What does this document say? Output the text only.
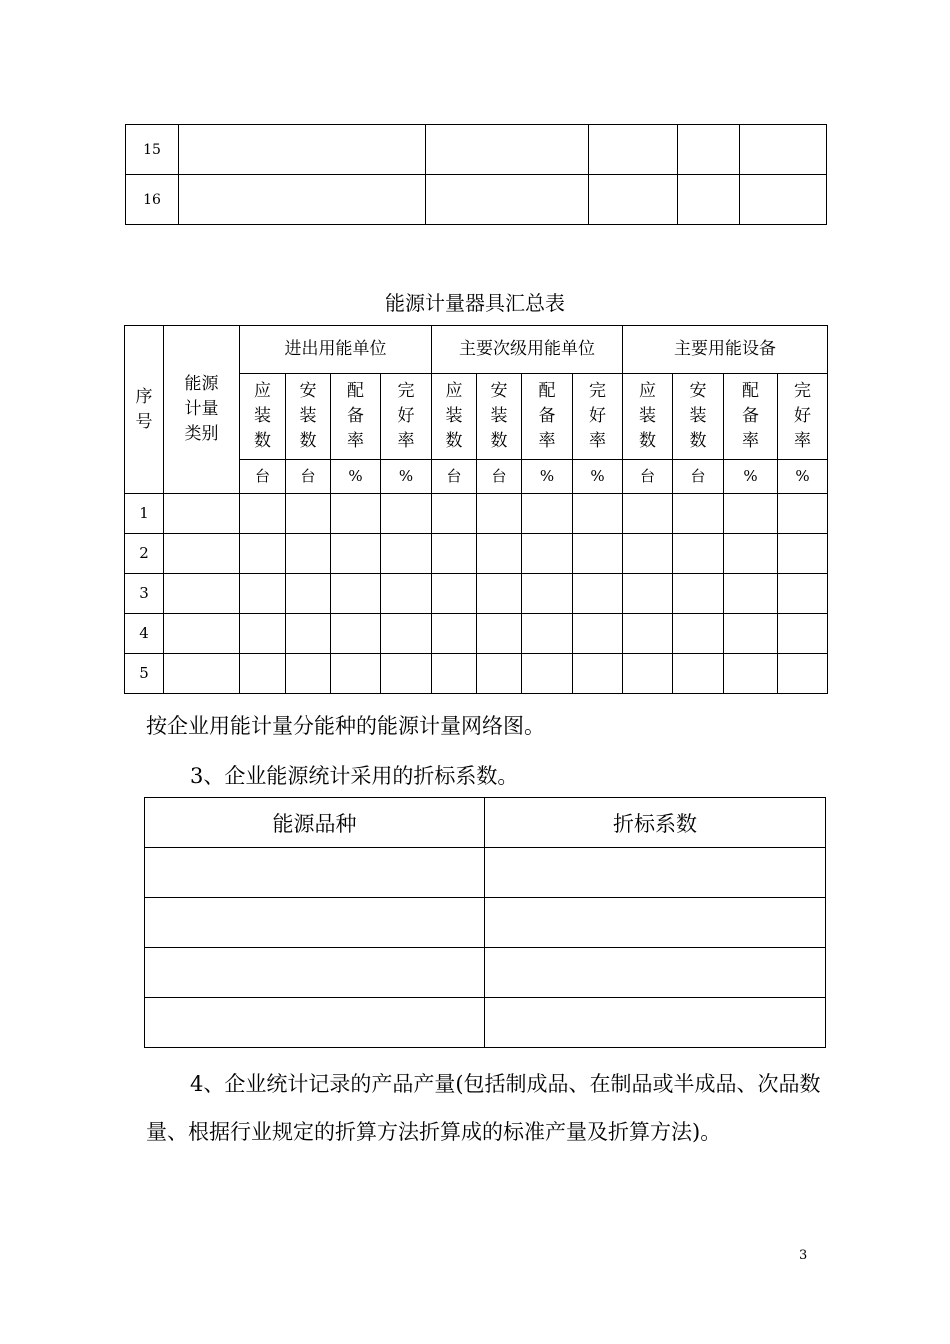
15					
16					
能源计量器具汇总表
序号	能源计量类别	进出用能单位				主要次级用能单位				主要用能设备			
		应装数	安装数	配备率	完好率	应装数	安装数	配备率	完好率	应装数	安装数	配备率	完好率
		台	台	%	%	台	台	%	%	台	台	%	%
1													
2													
3													
4													
5													
按企业用能计量分能种的能源计量网络图。
3、企业能源统计采用的折标系数。
能源品种	折标系数

4、企业统计记录的产品产量(包括制成品、在制品或半成品、次品数量、根据行业规定的折算方法折算成的标准产量及折算方法)。
3
